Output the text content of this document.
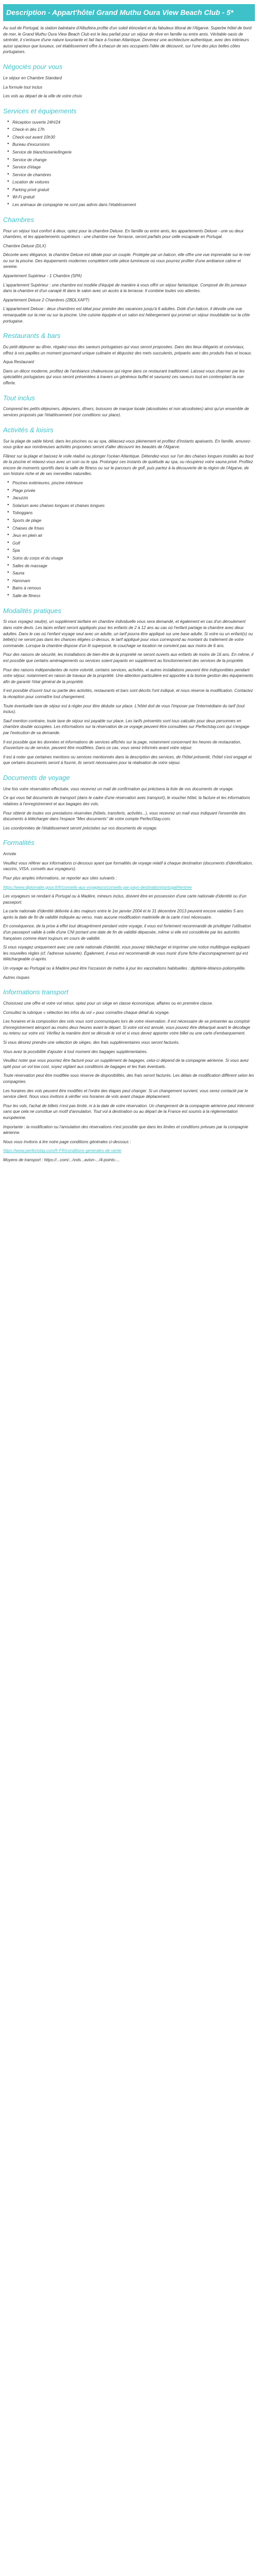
Description - Appart'hôtel Grand Muthu Oura View Beach Club - 5*

Au sud de Portugal, la station balnéaire d'Albufeira profite d'un soleil étincelant et du fabuleux littoral de l'Algarve. Superbe hôtel de bord de mer, le Grand Muthu Oura View Beach Club est le lieu parfait pour un séjour de rêve en famille ou entre amis. Véritable oasis de sérénité, il s'entoure d'une nature luxuriante et fait face à l'océan Atlantique. Devenez une architecture authentique, avec des intérieurs aussi spacieux que luxueux, cet établissement offre à chacun de ses occupants l'idée de découvrir, sur l'une des plus belles côtes portugaises.

Négociés pour vous

Le séjour en Chambre Standard

La formule tout inclus

Les vols au départ de la ville de votre choix

Services et équipements
● Réception ouverte 24H/24
● Check-in dès 17h
● Check-out avant 10h30
● Bureau d'excursions
● Service de blanchisserie/lingerie
● Service de change
● Service d'étage
● Service de chambres
● Location de voitures
● Parking privé gratuit
● Wi-Fi gratuit
● Les animaux de compagnie ne sont pas admis dans l'établissement
Chambres

Pour un séjour tout confort à deux, optez pour la chambre Deluxe. En famille ou entre amis, les appartements Deluxe - une ou deux chambres, et les appartements supérieurs - une chambre vue Terrasse, seront parfaits pour celle escapade en Portugal.

Chambre Deluxe (DLX)

Décorée avec élégance, la chambre Deluxe est idéale pour un couple. Protégée par un balcon, elle offre une vue imprenable sur le mer ou sur la piscine. Des équipements modernes complètent cette pièce lumineuse où vous pourrez profiter d'une ambiance calme et sereine.

Appartement Supérieur - 1 Chambre (SPA)

L'appartement Supérieur : une chambre est modèle d'équipé de manière à vous offrir un séjour fantastique. Composé de lits jumeaux dans la chambre et d'un canapé lit dans le salon avec un accès à la terrasse. Il combine toutes vos attentes.

Appartement Deluxe 2 Chambres (2BDLXAPT)

L'appartement Deluxe : deux chambres est idéal pour prendre des vacances jusqu'à 6 adultes. Doté d'un balcon, il dévoile une vue remarquable sur la mer ou sur la piscine. Une cuisine équipée et un salon est hébergement qui promet un séjour inoubliable sur la côte portugaise.

Restaurants & bars

Du petit-déjeuner au dîner, régalez-vous des saveurs portugaises qui vous seront proposées. Dans des lieux élégants et conviviaux, offrez à vos papilles un moment gourmand unique culinaire et dégustez des mets succulents, préparés avec des produits frais et locaux.

Aqua Restaurant

Dans un décor moderne, profitez de l'ambiance chaleureuse qui règne dans ce restaurant traditionnel. Laissez-vous charmer par les spécialités portugaises qui vous seront présentées à travers un généreux buffet et savourez ces saveurs tout en contemplant la vue offerte.

Tout inclus

Comprend les petits-déjeuners, déjeuners, dîners, boissons de marque locale (alcoolisées et non alcoolisées) ainsi qu'un ensemble de services proposés par l'établissement (voir conditions sur place).

Activités & loisirs

Sur la plage de sable blond, dans les piscines ou au spa, délassez-vous pleinement et profitez d'instants apaisants. En famille, amusez-vous grâce aux nombreuses activités proposées seront d'aller découvrir les beautés de l'Algarve.

Flânez sur la plage et baissez le voile réalisé ou plonger l'océan Atlantique. Détendez-vous sur l'un des chaises longues installés au bord de la piscine et relaxez-vous avec un soin ou le spa. Prolongez ces instants de quiétude au spa, ou récupérez votre sauna privé. Profitez encore de moments sportifs dans la salle de fitness ou sur le parcours de golf, puis partez à la découverte de la région de l'Algarve, de son histoire riche et de ses merveilles naturelles.

● Piscines extérieures, piscine intérieure
● Plage privée
● Jacuzzis
● Solarium avec chaises longues et chaises longues
● Toboggans
● Sports de plage
● Chaises de frises
● Jeux en plein air
● Golf
● Spa
● Soins du corps et du visage
● Salles de massage
● Sauna
● Hammam
● Bains à remous
● Salle de fitness
Modalités pratiques

Si vous voyagez seul(e), un supplément tarifaire en chambre individuelle vous sera demandé, et également en cas d'un déroulement dans votre devis. Les lacés enfant seront appliqués pour les enfants de 2 à 12 ans au cas où l'enfant partage la chambre avec deux adultes. Dans le cas où l'enfant voyage seul avec un adulte, un tarif pourra être appliqué sur une base adulte. Si votre ou un enfant(s) ou bébé(s) ne seront pas dans les chances éligées ci-dessus, le tarif appliqué pour vous correspond au montant du traitement de votre commande. Lorsque la chambre dispose d'un lit superposé, le couchage se location ne convient pas aux moins de 6 ans.

Pour des raisons de sécurité, les installations de bien-être de la propriété ne seront ouverts aux enfants de moins de 16 ans. En même, il est possible que certains aménagements ou services soient payants en supplément au fonctionnement des services de la propriété.

Pour des raisons indépendantes de notre volonté, certains services, activités, et autres installations peuvent être indisponibles pendant votre séjour, notamment en raison de travaux de la propriété. Une attention particulière est apportée à la bonne gestion des équipements afin de garantir l'état général de la propriété.

Il est possible d'ouvrir tout ou partie des activités, restaurants et bars sont décrits l'ont indiqué, et nous réserve la modification. Contactez la réception pour connaître tout changement.

Toute éventuelle taxe de séjour est à régler pour être déduite sur place. L'hôtel doit de vous l'imposer par l'intermédiaire du tarif (tout inclus).

Sauf mention contraire, toute taxe de séjour est payable sur place. Les tarifs présentés sont tous calculés pour deux personnes en chambre double occupées. Les informations sur la réservation de ce voyage peuvent être consultées sur Perfectstay.com qui s'engage par l'exécution de sa demande.

Il est possible que les données et informations de services affichés sur la page, notamment concernant les heures de restauration, d'ouverture ou de service, peuvent être modifiées. Dans ce cas, vous serez informés avant votre séjour.

Il est à noter que certaines mentions ou services mentionnés dans la description des services, de l'hôtel présenté, l'hôtel s'est engagé et que certains documents seront à fournir, ils seront nécessaires pour la réalisation de votre séjour.

Documents de voyage

Une fois votre réservation effectuée, vous recevrez un mail de confirmation qui précisera la liste de vos documents de voyage.

Ce qui vous fait documents de transport (dans le cadre d'une réservation avec transport), le voucher hôtel, la facture et les informations relatives à l'enregistrement et aux bagages des vols.

Pour obtenir de toutes vos prestations réservées (hôtels, transferts, activités...), vous recevrez un mail vous indiquant l'ensemble des documents à télécharger dans l'espace "Mes documents" de votre compte PerfectStay.com.

Les coordonnées de l'établissement seront précisées sur vos documents de voyage.

Formalités

Arrivée

Veuillez vous référer aux informations ci-dessous ayant que formalités de voyage relatif à chaque destination (documents d'identification, vaccins, VISA, conseils aux voyageurs).

Pour plus amples informations, se reporter aux sites suivants :

https://www.diplomatie.gouv.fr/fr/conseils-aux-voyageurs/conseils-par-pays-destination/portugal/#entree

Les voyageurs se rendant à Portugal ou à Madère, mineurs inclus, doivent être en possession d'une carte nationale d'identité ou d'un passeport.

La carte nationale d'identité délivrée à des majeurs entre le 1er janvier 2004 et le 31 décembre 2013 peuvent encore valables 5 ans après la date de fin de validité indiquée au verso, mais aucune modification matérielle de la carte n'est nécessaire.

En conséquence, de la prise à effet tout désagrément pendant votre voyage, il vous est fortement recommandé de privilégier l'utilisation d'un passeport valide à celle d'une CNI portant une date de fin de validité dépassée, même si elle est considérée par les autorités françaises comme étant toujours en cours de validité.

Si vous voyagez uniquement avec une carte nationale d'identité, vous pouvez télécharger et imprimer une notice multilingue expliquant les nouvelles règles (cf. l'adresse suivante). Également, il vous est recommandé de vous munir d'une fiche d'accompagnement qui est téléchargeable ci-après.

Un voyage au Portugal ou à Madère peut être l'occasion de mettre à jour les vaccinations habituelles : diphtérie-tétanos-poliomyélite.

Autres risques

Informations transport

Choisissez une offre et votre vol retour, optez pour un siège en classe économique, affaires ou en première classe.

Consultez la rubrique « sélection les infos du vol » pour connaître chaque détail du voyage.

Les horaires et la composition des vols vous sont communiqués lors de votre réservation. Il est nécessaire de se présenter au comptoir d'enregistrement aéroport au moins deux heures avant le départ. Si votre vol est annulé, vous pouvez être débarqué avant le décollage ou retenu sur votre vol. Vérifiez la manière dont se déroule le vol et si vous devez apporter votre billet ou une carte d'embarquement.

Si vous désirez prendre une sélection de sièges, des frais supplémentaires vous seront facturés.

Vous avez la possibilité d'ajouter à tout moment des bagages supplémentaires.

Veuillez noter que vous pourriez être facturé pour un supplément de bagages, celui-ci dépend de la compagnie aérienne. Si vous avez opté pour un vol low cost, soyez vigilant aux conditions de bagages et les frais éventuels.

Toute réservation peut être modifiée sous réserve de disponibilités, des frais seront facturés. Les délais de modification diffèrent selon les compagnies.

Les horaires des vols peuvent être modifiés et l'ordre des étapes peut changer. Si un changement survient, vous serez contacté par le service client. Nous vous invitons à vérifier vos horaires de vols avant chaque déplacement.

Pour les vols, l'achat de billets n'est pas limité, ni à la date de votre réservation. Un changement de la compagnie aérienne peut intervenir sans que cela ne constitue un motif d'annulation. Tout vol à destination ou au départ de la France est soumis à la réglementation européenne.

Importante : la modification ou l'annulation des réservations n'est possible que dans les limites et conditions prévues par la compagnie aérienne.

Nous vous invitons à lire notre page conditions générales ci-dessous :

https://www.perfectstay.com/fr-FR/conditions-generales-de-vente

Moyens de transport : https://...com/.../vols...avion-.../4-points-...
